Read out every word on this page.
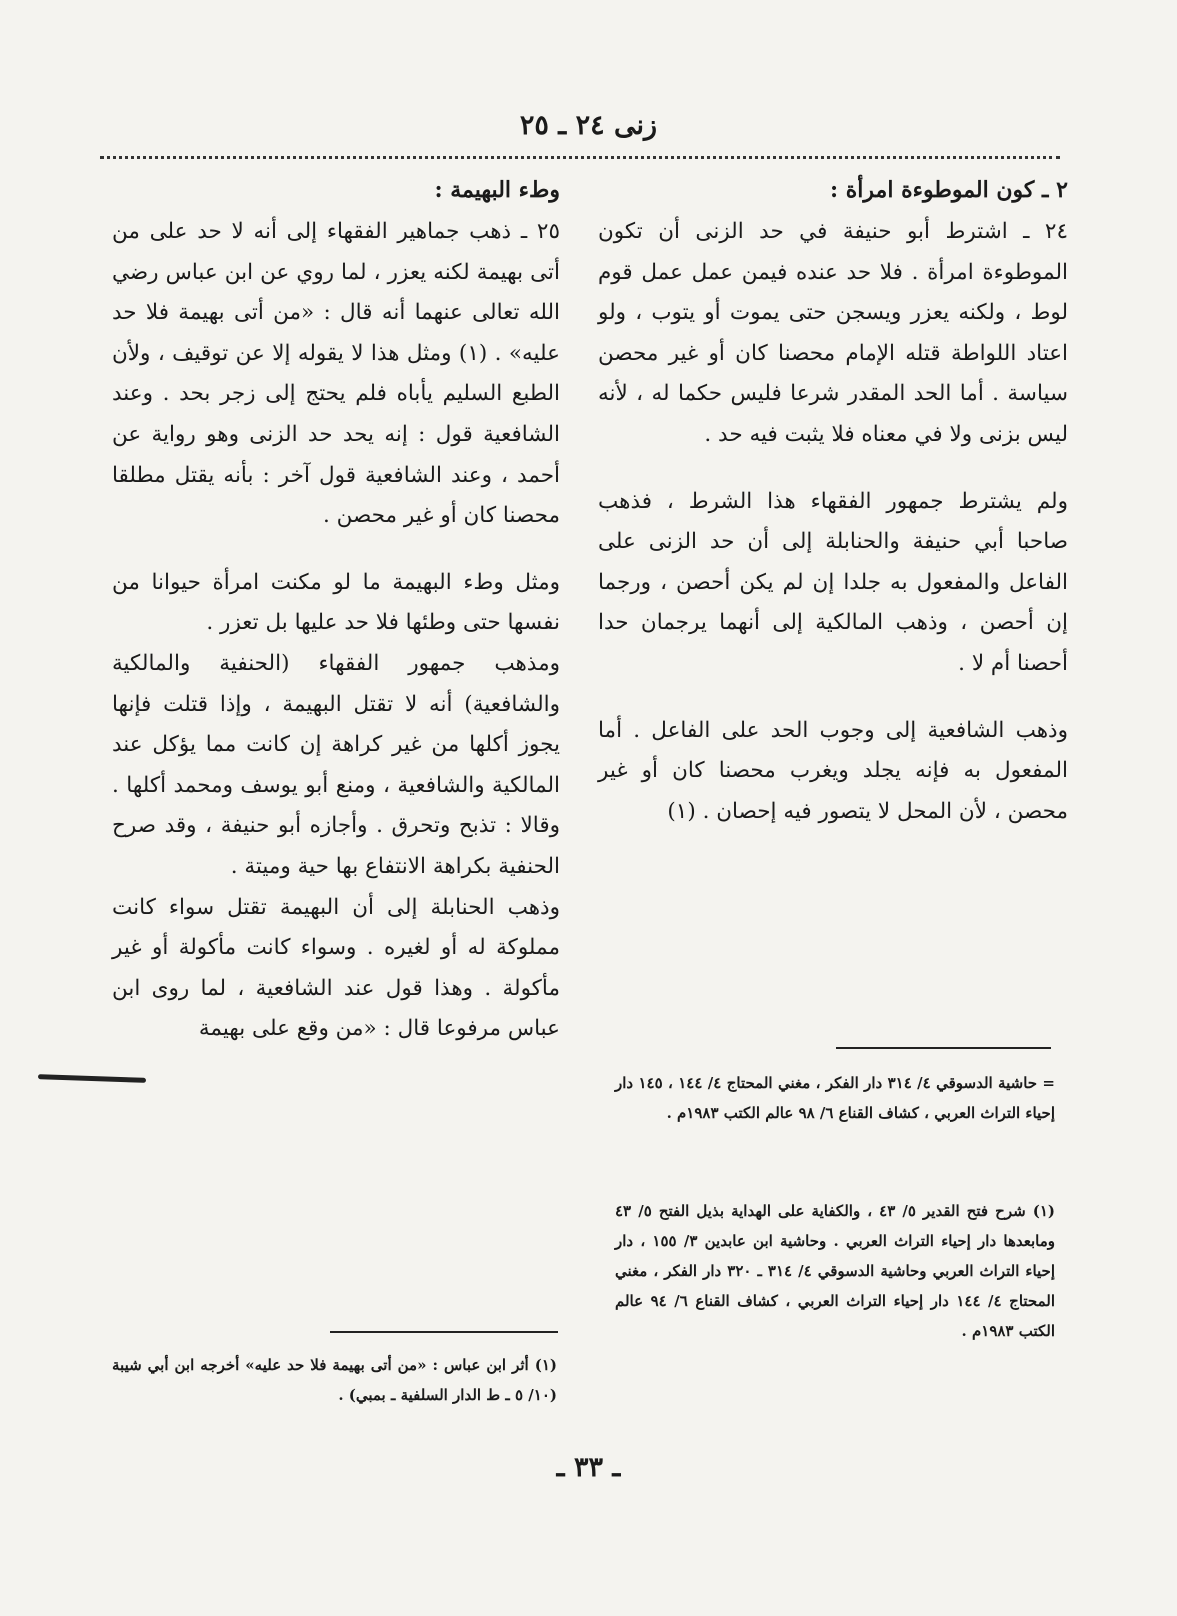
زنى ٢٤ ـ ٢٥

٢ ـ كون الموطوءة امرأة :

٢٤ ـ اشترط أبو حنيفة في حد الزنى أن تكون الموطوءة امرأة . فلا حد عنده فيمن عمل عمل قوم لوط ، ولكنه يعزر ويسجن حتى يموت أو يتوب ، ولو اعتاد اللواطة قتله الإمام محصنا كان أو غير محصن سياسة . أما الحد المقدر شرعا فليس حكما له ، لأنه ليس بزنى ولا في معناه فلا يثبت فيه حد .

ولم يشترط جمهور الفقهاء هذا الشرط ، فذهب صاحبا أبي حنيفة والحنابلة إلى أن حد الزنى على الفاعل والمفعول به جلدا إن لم يكن أحصن ، ورجما إن أحصن ، وذهب المالكية إلى أنهما يرجمان حدا أحصنا أم لا .

وذهب الشافعية إلى وجوب الحد على الفاعل . أما المفعول به فإنه يجلد ويغرب محصنا كان أو غير محصن ، لأن المحل لا يتصور فيه إحصان . (١)

وطء البهيمة :

٢٥ ـ ذهب جماهير الفقهاء إلى أنه لا حد على من أتى بهيمة لكنه يعزر ، لما روي عن ابن عباس رضي الله تعالى عنهما أنه قال : «من أتى بهيمة فلا حد عليه» . (١) ومثل هذا لا يقوله إلا عن توقيف ، ولأن الطبع السليم يأباه فلم يحتج إلى زجر بحد . وعند الشافعية قول : إنه يحد حد الزنى وهو رواية عن أحمد ، وعند الشافعية قول آخر : بأنه يقتل مطلقا محصنا كان أو غير محصن .

ومثل وطء البهيمة ما لو مكنت امرأة حيوانا من نفسها حتى وطئها فلا حد عليها بل تعزر .

ومذهب جمهور الفقهاء (الحنفية والمالكية والشافعية) أنه لا تقتل البهيمة ، وإذا قتلت فإنها يجوز أكلها من غير كراهة إن كانت مما يؤكل عند المالكية والشافعية ، ومنع أبو يوسف ومحمد أكلها . وقالا : تذبح وتحرق . وأجازه أبو حنيفة ، وقد صرح الحنفية بكراهة الانتفاع بها حية وميتة .

وذهب الحنابلة إلى أن البهيمة تقتل سواء كانت مملوكة له أو لغيره . وسواء كانت مأكولة أو غير مأكولة . وهذا قول عند الشافعية ، لما روى ابن عباس مرفوعا قال : «من وقع على بهيمة

= حاشية الدسوقي ٤/ ٣١٤ دار الفكر ، مغني المحتاج ٤/ ١٤٤ ، ١٤٥ دار إحياء التراث العربي ، كشاف القناع ٦/ ٩٨ عالم الكتب ١٩٨٣م .
(١) شرح فتح القدير ٥/ ٤٣ ، والكفاية على الهداية بذيل الفتح ٥/ ٤٣ ومابعدها دار إحياء التراث العربي . وحاشية ابن عابدين ٣/ ١٥٥ ، دار إحياء التراث العربي وحاشية الدسوقي ٤/ ٣١٤ ـ ٣٢٠ دار الفكر ، مغني المحتاج ٤/ ١٤٤ دار إحياء التراث العربي ، كشاف القناع ٦/ ٩٤ عالم الكتب ١٩٨٣م .
(١) أثر ابن عباس : «من أتى بهيمة فلا حد عليه» أخرجه ابن أبي شيبة (١٠/ ٥ ـ ط الدار السلفية ـ بمبي) .
ـ ٣٣ ـ
